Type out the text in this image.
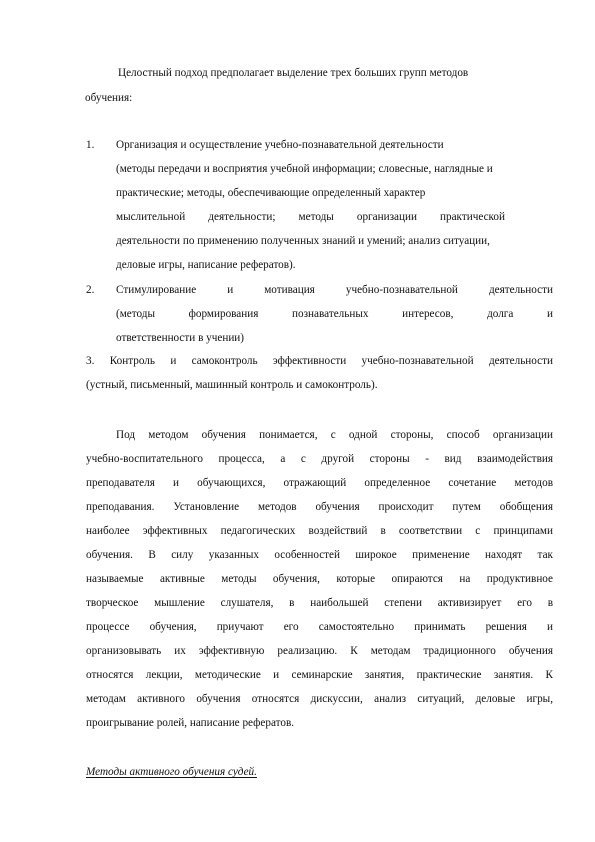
Целостный подход предполагает выделение трех больших групп методов
обучения:
1. Организация и осуществление учебно-познавательной деятельности
(методы передачи и восприятия учебной информации; словесные, наглядные и
практические; методы, обеспечивающие определенный характер
мыслительной деятельности; методы организации практической
деятельности по применению полученных знаний и умений; анализ ситуации,
деловые игры, написание рефератов).
2. Стимулирование и мотивация учебно-познавательной деятельности
(методы формирования познавательных интересов, долга и
ответственности в учении)
3. Контроль и самоконтроль эффективности учебно-познавательной деятельности
(устный, письменный, машинный контроль и самоконтроль).
Под методом обучения понимается, с одной стороны, способ организации
учебно-воспитательного процесса, а с другой стороны - вид взаимодействия
преподавателя и обучающихся, отражающий определенное сочетание методов
преподавания. Установление методов обучения происходит путем обобщения
наиболее эффективных педагогических воздействий в соответствии с принципами
обучения. В силу указанных особенностей широкое применение находят так
называемые активные методы обучения, которые опираются на продуктивное
творческое мышление слушателя, в наибольшей степени активизирует его в
процессе обучения, приучают его самостоятельно принимать решения и
организовывать их эффективную реализацию. К методам традиционного обучения
относятся лекции, методические и семинарские занятия, практические занятия. К
методам активного обучения относятся дискуссии, анализ ситуаций, деловые игры,
проигрывание ролей, написание рефератов.
Методы активного обучения судей.
